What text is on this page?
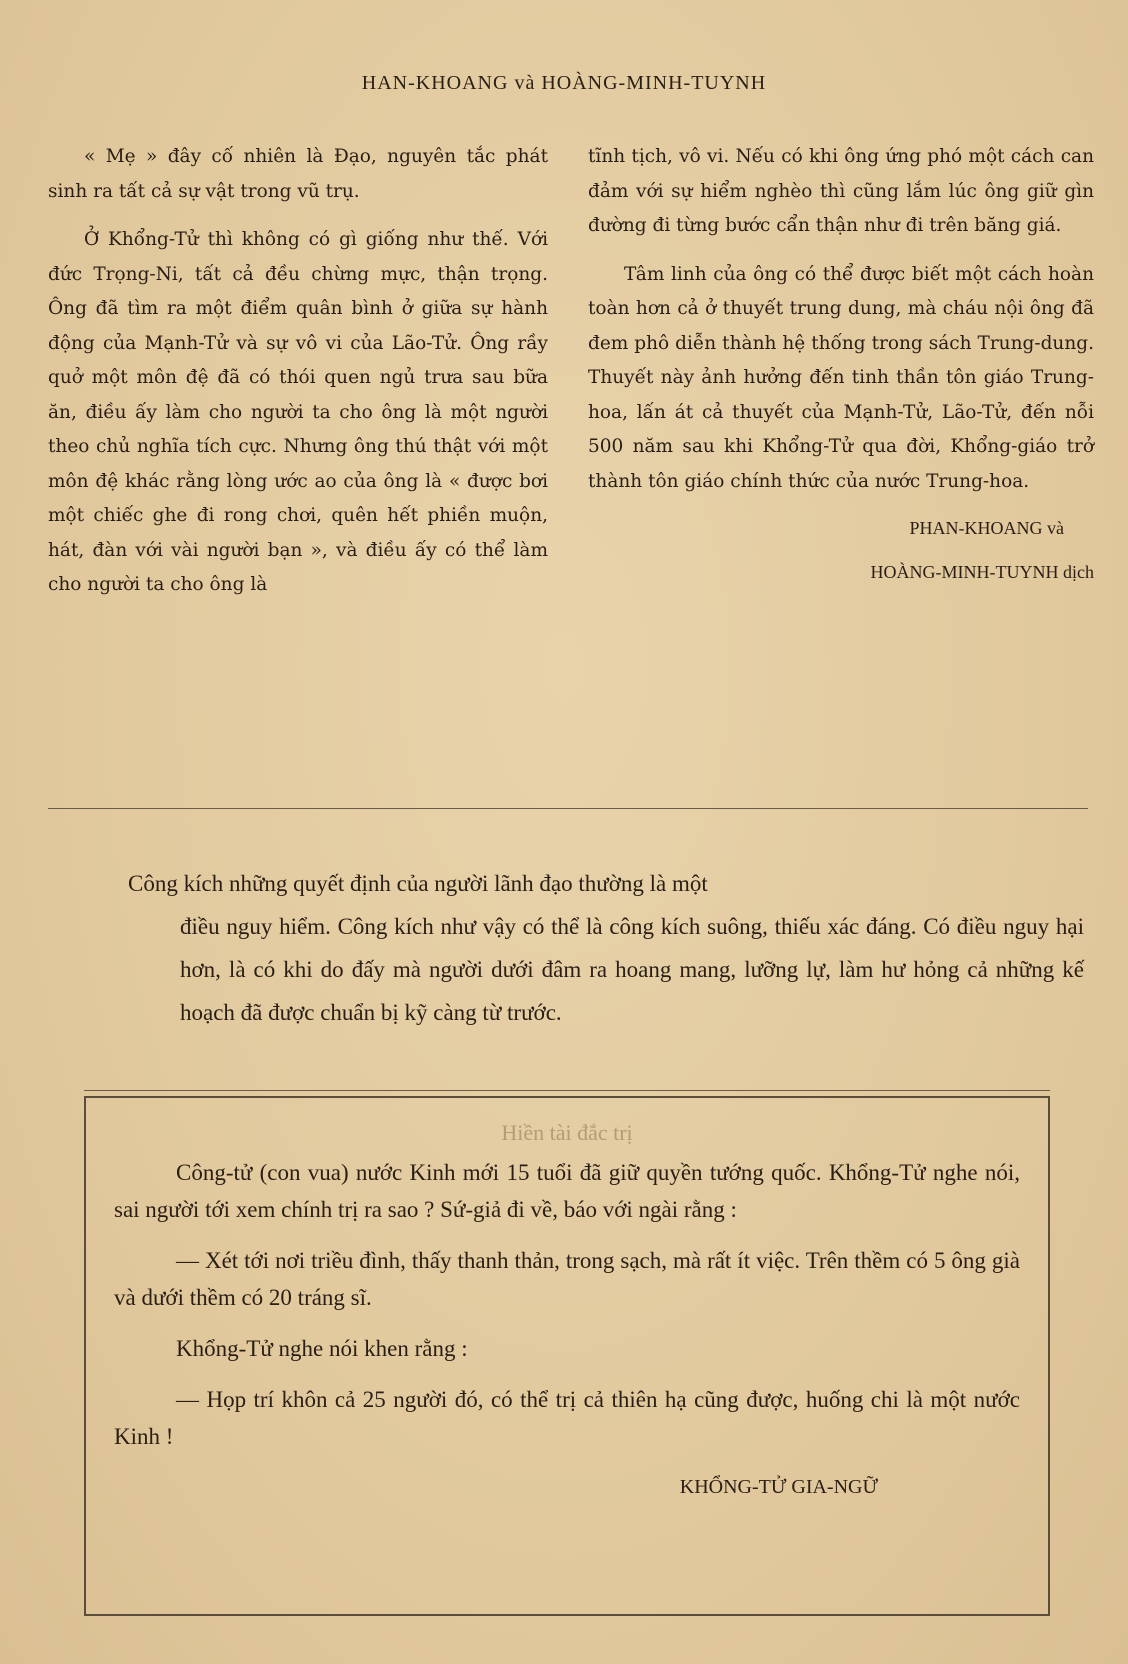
HAN-KHOANG và HOÀNG-MINH-TUYNH

« Mẹ » đây cố nhiên là Đạo, nguyên tắc phát sinh ra tất cả sự vật trong vũ trụ.

Ở Khổng-Tử thì không có gì giống như thế. Với đức Trọng-Ni, tất cả đều chừng mực, thận trọng. Ông đã tìm ra một điểm quân bình ở giữa sự hành động của Mạnh-Tử và sự vô vi của Lão-Tử. Ông rầy quở một môn đệ đã có thói quen ngủ trưa sau bữa ăn, điều ấy làm cho người ta cho ông là một người theo chủ nghĩa tích cực. Nhưng ông thú thật với một môn đệ khác rằng lòng ước ao của ông là « được bơi một chiếc ghe đi rong chơi, quên hết phiền muộn, hát, đàn với vài người bạn », và điều ấy có thể làm cho người ta cho ông là

tĩnh tịch, vô vi. Nếu có khi ông ứng phó một cách can đảm với sự hiểm nghèo thì cũng lắm lúc ông giữ gìn đường đi từng bước cẩn thận như đi trên băng giá.

Tâm linh của ông có thể được biết một cách hoàn toàn hơn cả ở thuyết trung dung, mà cháu nội ông đã đem phô diễn thành hệ thống trong sách Trung-dung. Thuyết này ảnh hưởng đến tinh thần tôn giáo Trung-hoa, lấn át cả thuyết của Mạnh-Tử, Lão-Tử, đến nỗi 500 năm sau khi Khổng-Tử qua đời, Khổng-giáo trở thành tôn giáo chính thức của nước Trung-hoa.

PHAN-KHOANG và

HOÀNG-MINH-TUYNH dịch

Công kích những quyết định của người lãnh đạo thường là một
điều nguy hiểm. Công kích như vậy có thể là công kích suông, thiếu xác đáng. Có điều nguy hại hơn, là có khi do đấy mà người dưới đâm ra hoang mang, lưỡng lự, làm hư hỏng cả những kế hoạch đã được chuẩn bị kỹ càng từ trước.
Hiền tài đắc trị

Công-tử (con vua) nước Kinh mới 15 tuổi đã giữ quyền tướng quốc. Khổng-Tử nghe nói, sai người tới xem chính trị ra sao ? Sứ-giả đi về, báo với ngài rằng :

— Xét tới nơi triều đình, thấy thanh thản, trong sạch, mà rất ít việc. Trên thềm có 5 ông già và dưới thềm có 20 tráng sĩ.

Khổng-Tử nghe nói khen rằng :

— Họp trí khôn cả 25 người đó, có thể trị cả thiên hạ cũng được, huống chi là một nước Kinh !

KHỔNG-TỬ GIA-NGỮ
